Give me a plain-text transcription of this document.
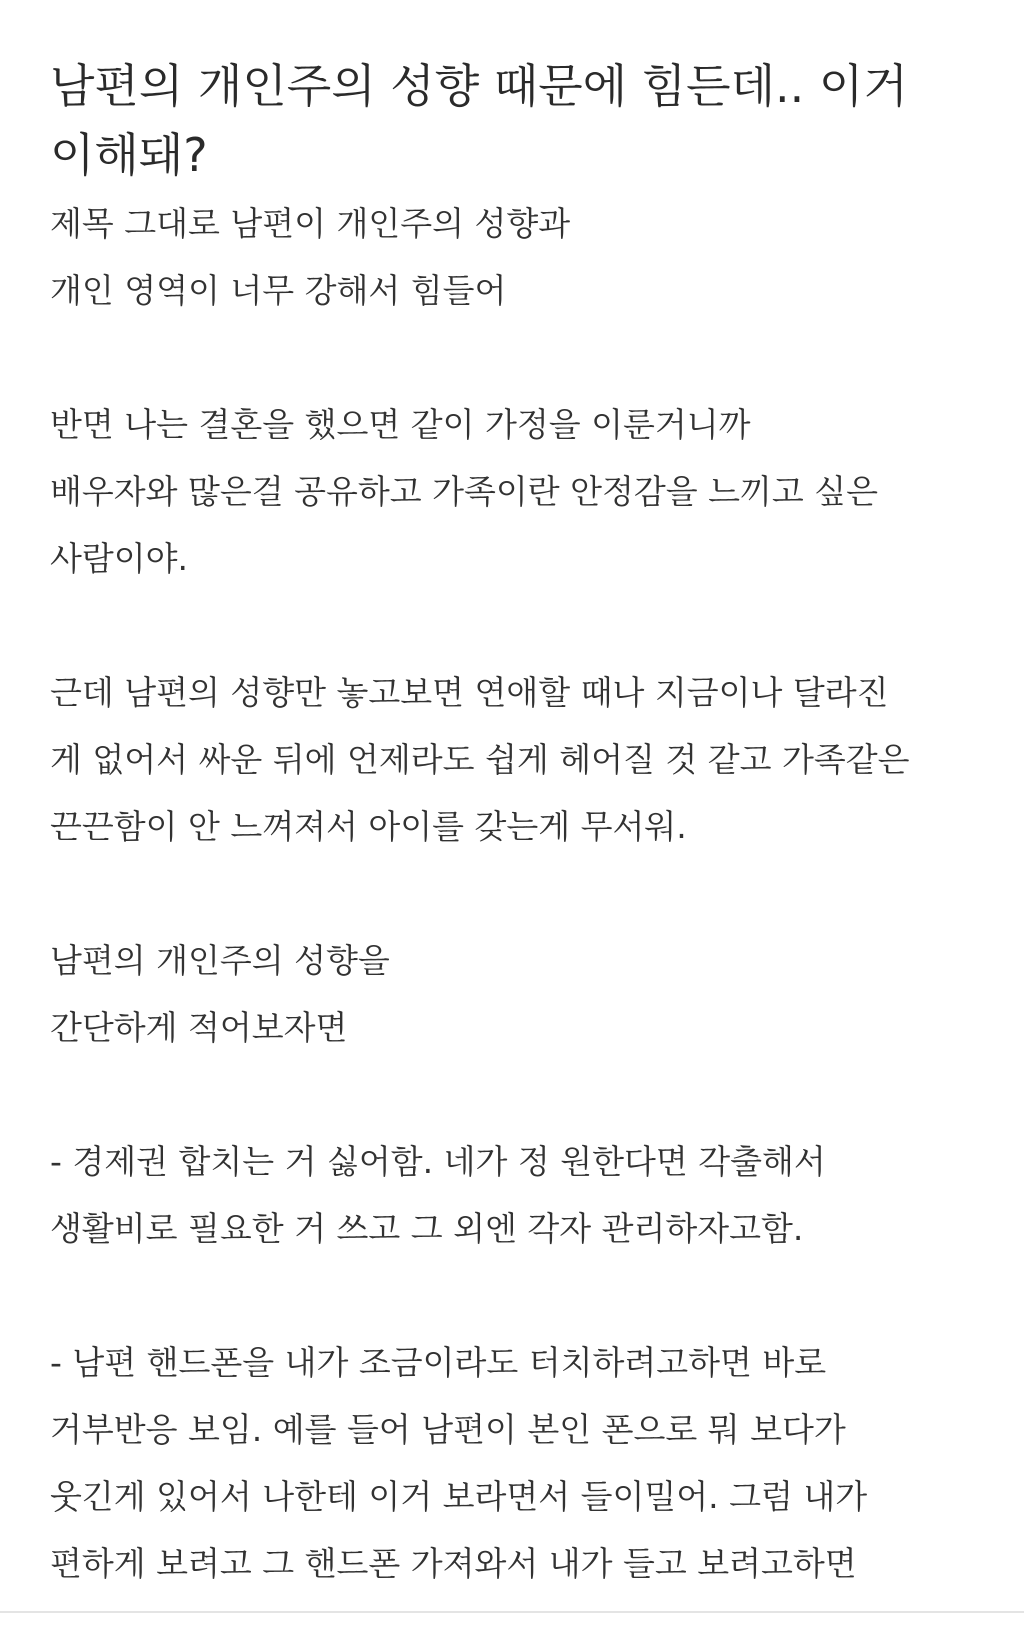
남편의 개인주의 성향 때문에 힘든데.. 이거
이해돼?
제목 그대로 남편이 개인주의 성향과
개인 영역이 너무 강해서 힘들어
반면 나는 결혼을 했으면 같이 가정을 이룬거니까
배우자와 많은걸 공유하고 가족이란 안정감을 느끼고 싶은
사람이야.
근데 남편의 성향만 놓고보면 연애할 때나 지금이나 달라진
게 없어서 싸운 뒤에 언제라도 쉽게 헤어질 것 같고 가족같은
끈끈함이 안 느껴져서 아이를 갖는게 무서워.
남편의 개인주의 성향을
간단하게 적어보자면
- 경제권 합치는 거 싫어함. 네가 정 원한다면 각출해서
생활비로 필요한 거 쓰고 그 외엔 각자 관리하자고함.
- 남편 핸드폰을 내가 조금이라도 터치하려고하면 바로
거부반응 보임. 예를 들어 남편이 본인 폰으로 뭐 보다가
웃긴게 있어서 나한테 이거 보라면서 들이밀어. 그럼 내가
편하게 보려고 그 핸드폰 가져와서 내가 들고 보려고하면
